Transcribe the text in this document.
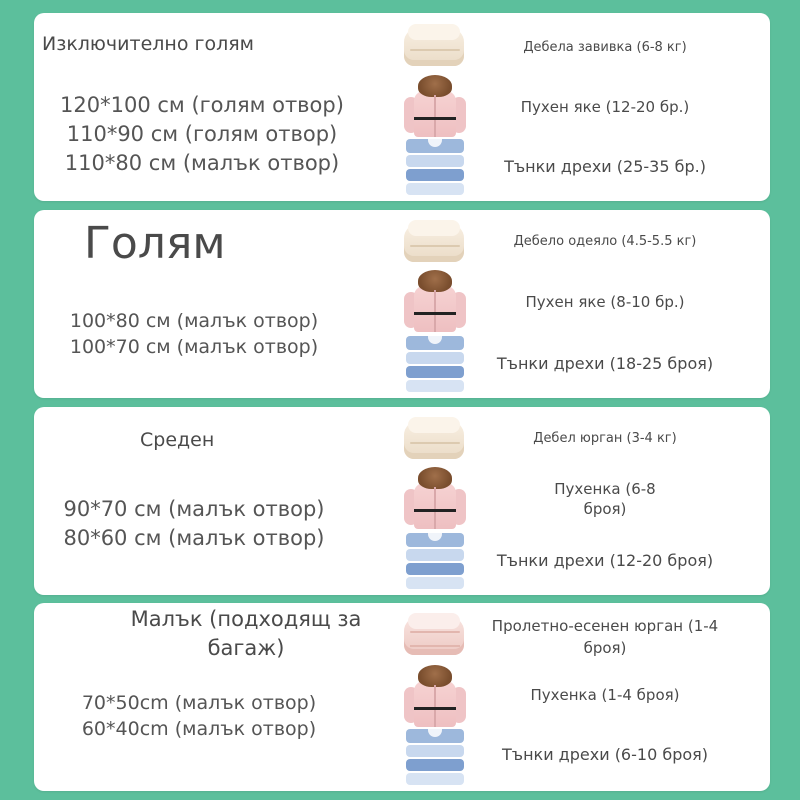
Изключително голям
120*100 см (голям отвор)
110*90 см (голям отвор)
110*80 см (малък отвор)
Дебела завивка (6-8 кг)
Пухен яке (12-20 бр.)
Тънки дрехи (25-35 бр.)
Голям
100*80 см (малък отвор)
100*70 см (малък отвор)
Дебело одеяло (4.5-5.5 кг)
Пухен яке (8-10 бр.)
Тънки дрехи (18-25 броя)
Среден
90*70 см (малък отвор)
80*60 см (малък отвор)
Дебел юрган (3-4 кг)
Пухенка (6-8 броя)
Тънки дрехи (12-20 броя)
Малък (подходящ за багаж)
70*50cm (малък отвор)
60*40cm (малък отвор)
Пролетно-есенен юрган (1-4 броя)
Пухенка (1-4 броя)
Тънки дрехи (6-10 броя)
